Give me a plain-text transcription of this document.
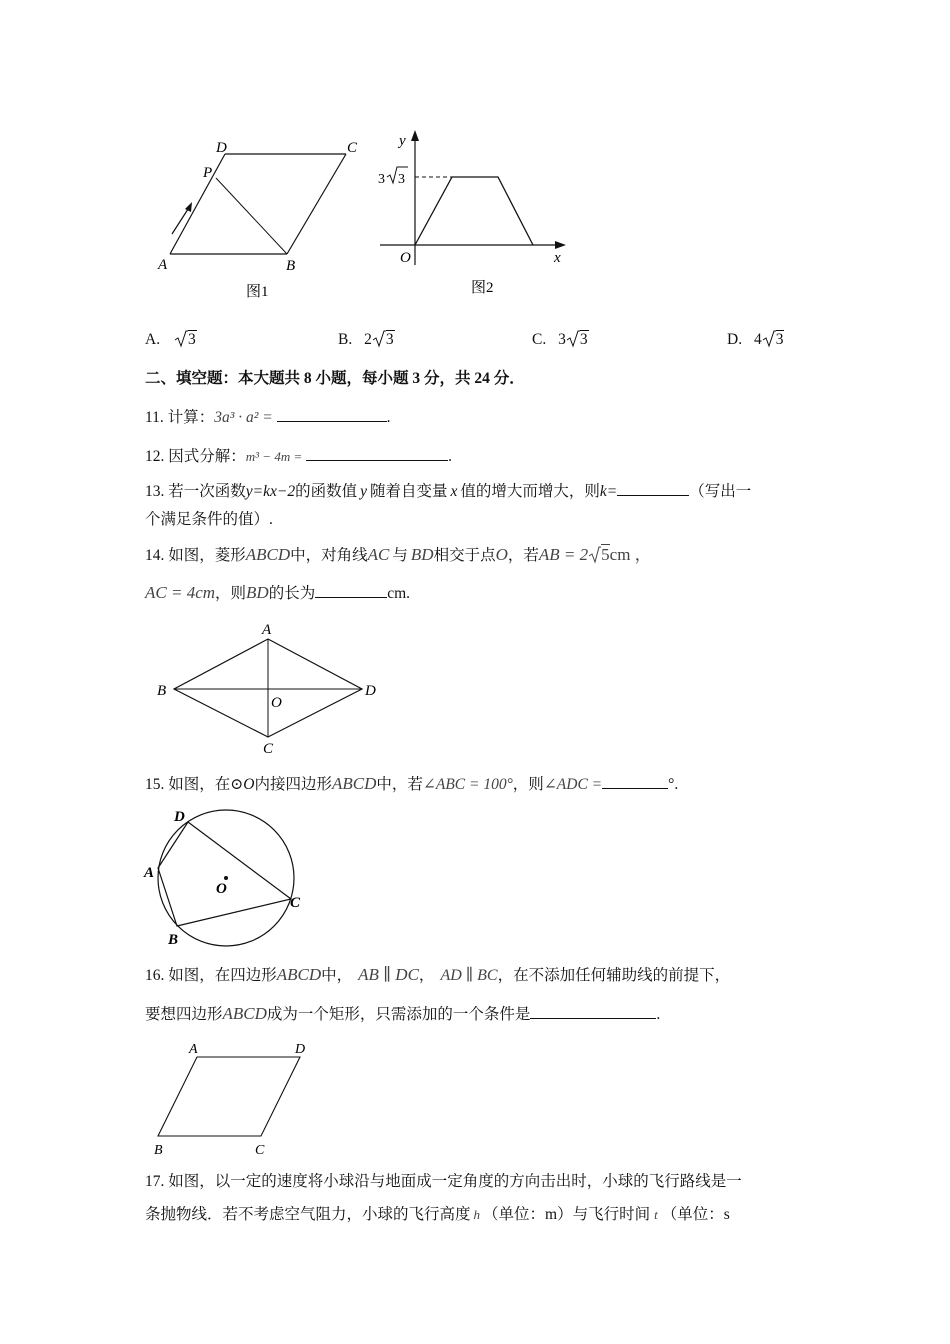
D	C
P
A	B
图1
y
x
O
3 3
图2
A. 3	B. 2 3	C. 3 3	D. 4 3
二、填空题：本大题共 8 小题，每小题 3 分，共 24 分．
11. 计算：3a³ · a² =	.
12. 因式分解：m³ − 4m =	.
13. 若一次函数y=kx−2的函数值 y 随着自变量 x 值的增大而增大，则k=	（写出一
个满足条件的值）.
14. 如图，菱形ABCD中，对角线AC 与 BD相交于点O，若AB = 2 5cm ，
AC = 4cm，则BD的长为	cm.
A
B	D
O
C
15. 如图，在⊙O内接四边形ABCD中，若∠ABC = 100°，则∠ADC =	°.
D
A
O
C
B
16. 如图，在四边形ABCD中， AB ∥ DC， AD ∥ BC，在不添加任何辅助线的前提下，
要想四边形ABCD成为一个矩形，只需添加的一个条件是	.
A	D
B	C
17. 如图，以一定的速度将小球沿与地面成一定角度的方向击出时，小球的飞行路线是一
条抛物线．若不考虑空气阻力，小球的飞行高度 h （单位：m）与飞行时间 t （单位：s
